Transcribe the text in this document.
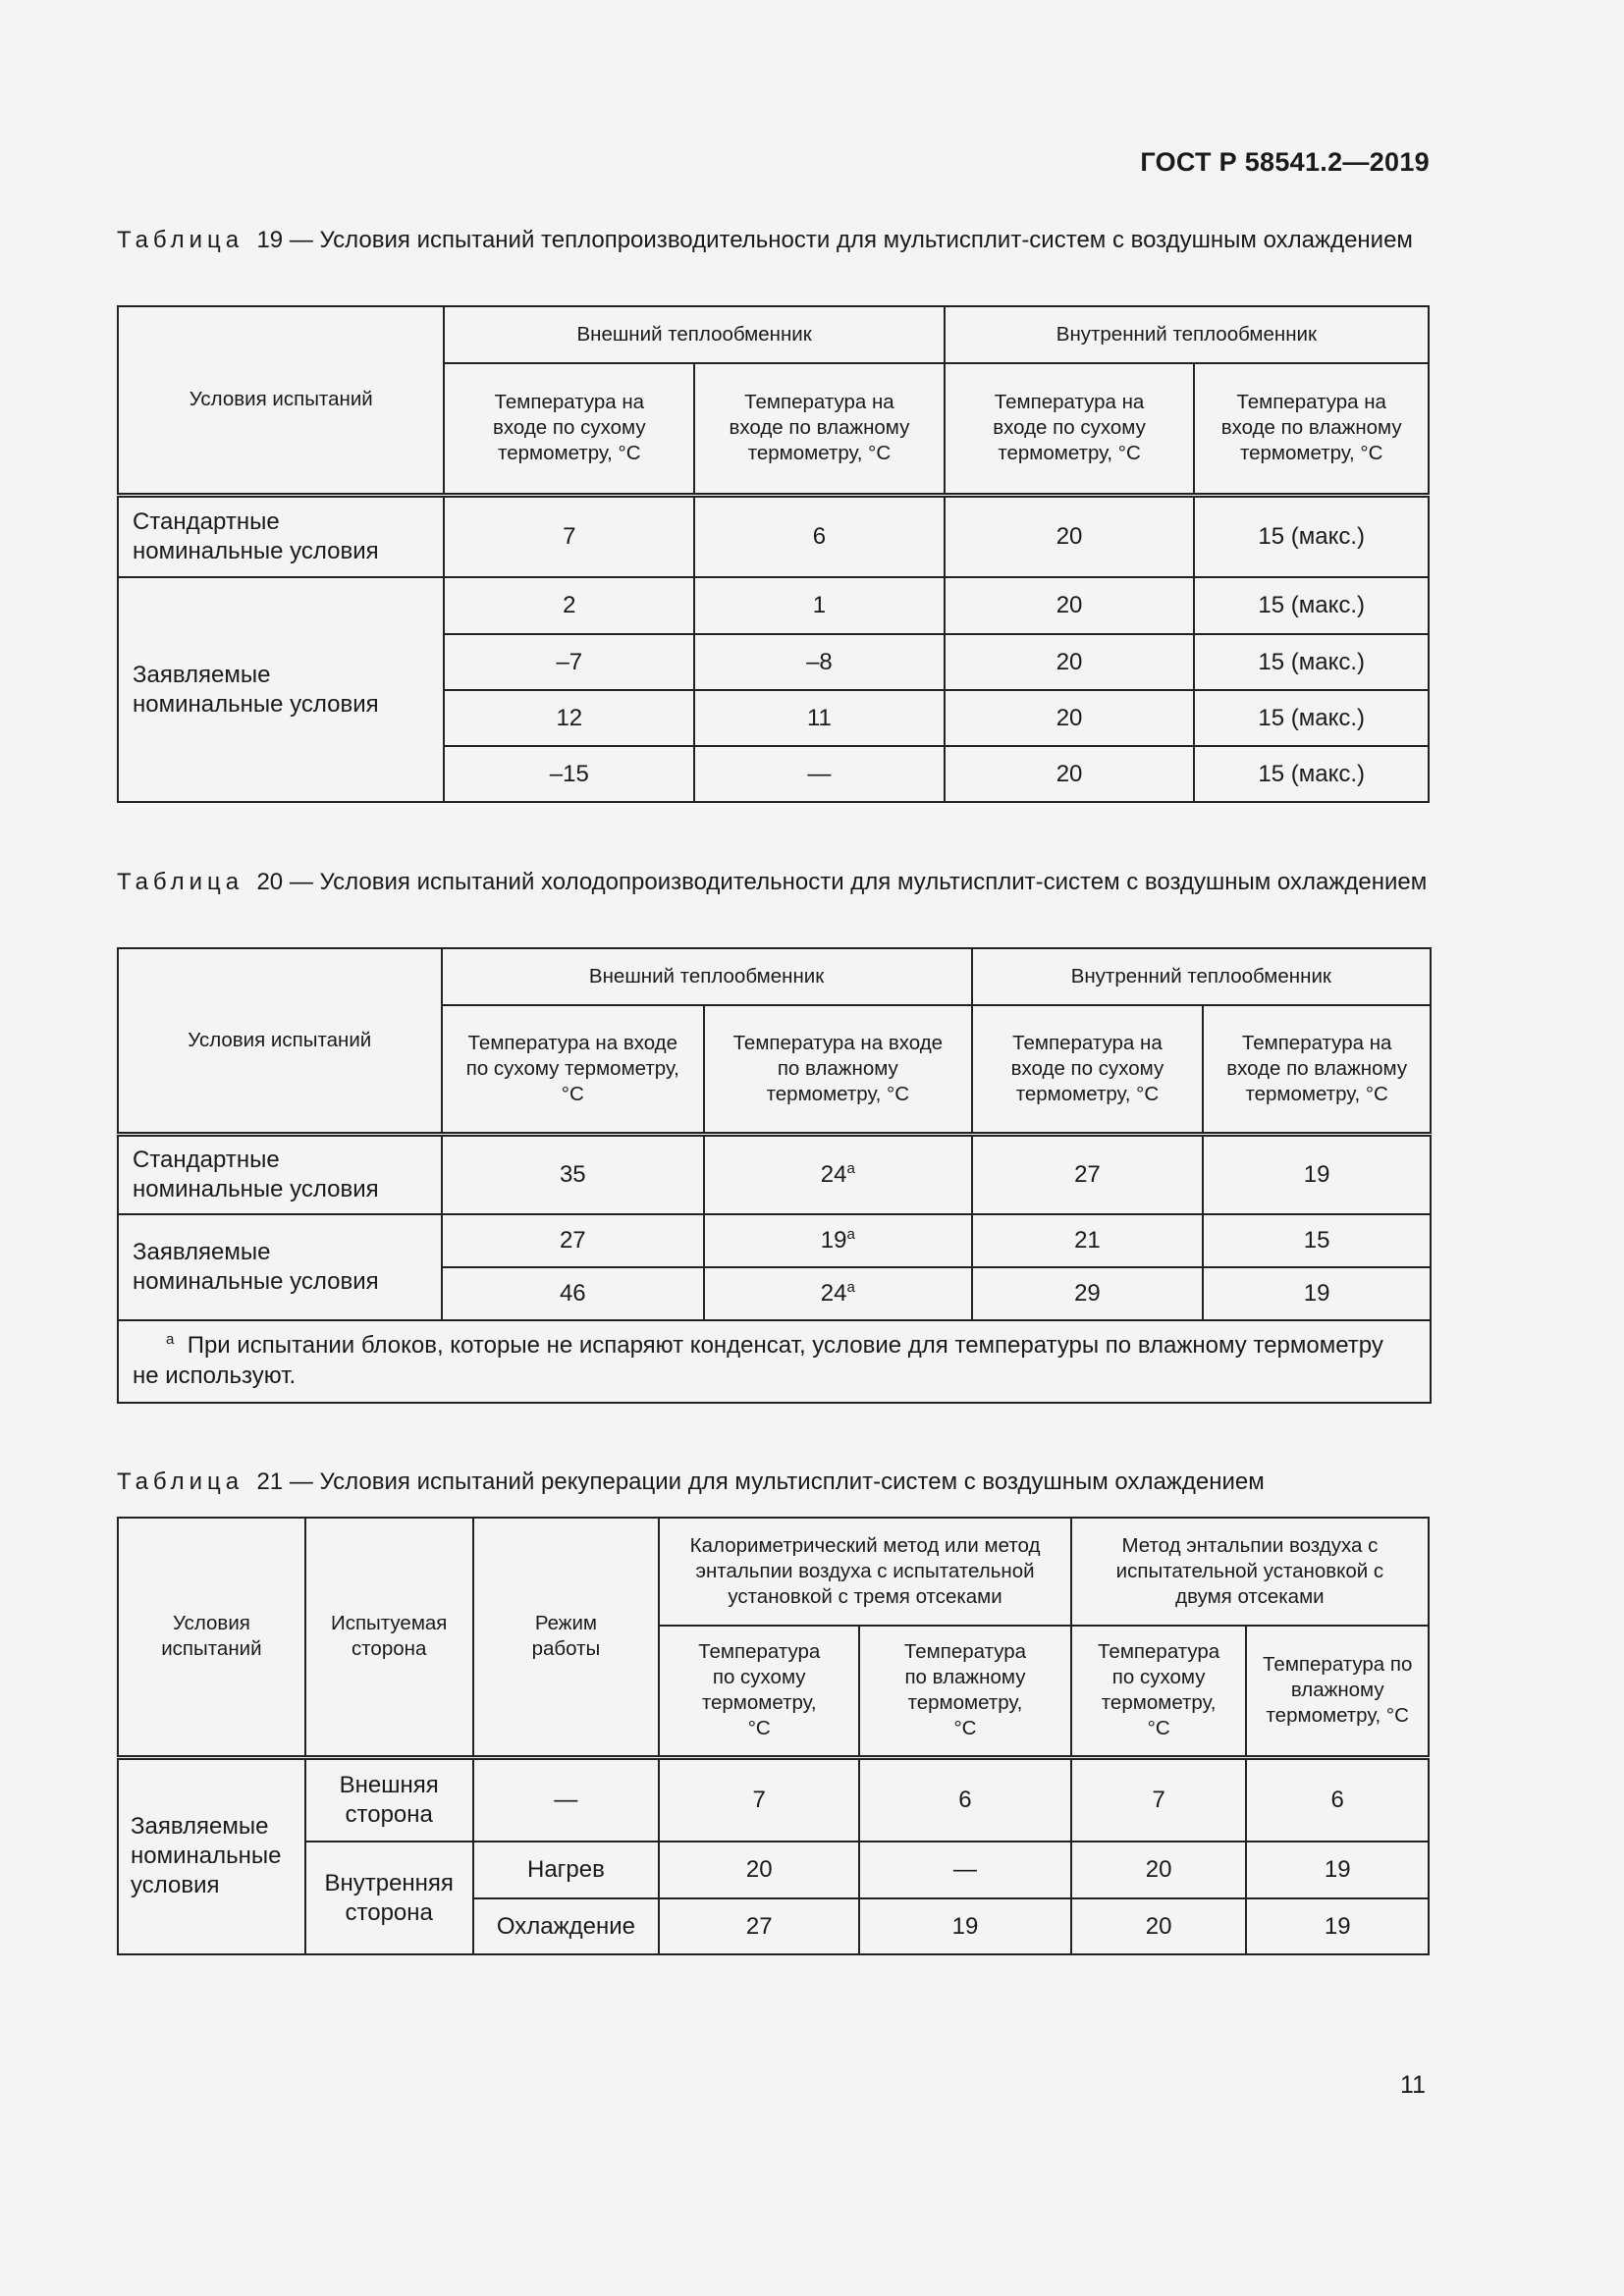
ГОСТ Р 58541.2—2019
Таблица 19 — Условия испытаний теплопроизводительности для мультисплит-систем с воздушным охлаждением
Условия испытаний	Внешний теплообменник		Внутренний теплообменник	
	Температура на входе по сухому термометру, °С	Температура на входе по влажному термометру, °С	Температура на входе по сухому термометру, °С	Температура на входе по влажному термометру, °С
Стандартные номинальные условия	7	6	20	15 (макс.)
Заявляемые номинальные условия	2	1	20	15 (макс.)
	–7	–8	20	15 (макс.)
	12	11	20	15 (макс.)
	–15	—	20	15 (макс.)
Таблица 20 — Условия испытаний холодопроизводительности для мультисплит-систем с воздушным охлаждением
Условия испытаний	Внешний теплообменник		Внутренний теплообменник	
	Температура на входе по сухому термометру, °С	Температура на входе по влажному термометру, °С	Температура на входе по сухому термометру, °С	Температура на входе по влажному термометру, °С
Стандартные номинальные условия	35	$24^а$	27	19
Заявляемые номинальные условия	27	$19^а$	21	15
	46	$24^а$	29	19
$^а$ При испытании блоков, которые не испаряют конденсат, условие для температуры по влажному термометру не используют.				
Таблица 21 — Условия испытаний рекуперации для мультисплит-систем с воздушным охлаждением
Условия испытаний	Испытуемая сторона	Режим работы	Калориметрический метод или метод энтальпии воздуха с испытательной установкой с тремя отсеками		Метод энтальпии воздуха с испытательной установкой с двумя отсеками	
			Температура по сухому термометру, °С	Температура по влажному термометру, °С	Температура по сухому термометру, °С	Температура по влажному термометру, °С
Заявляемые номинальные условия	Внешняя сторона	—	7	6	7	6
	Внутренняя сторона	Нагрев	20	—	20	19
		Охлаждение	27	19	20	19
11
